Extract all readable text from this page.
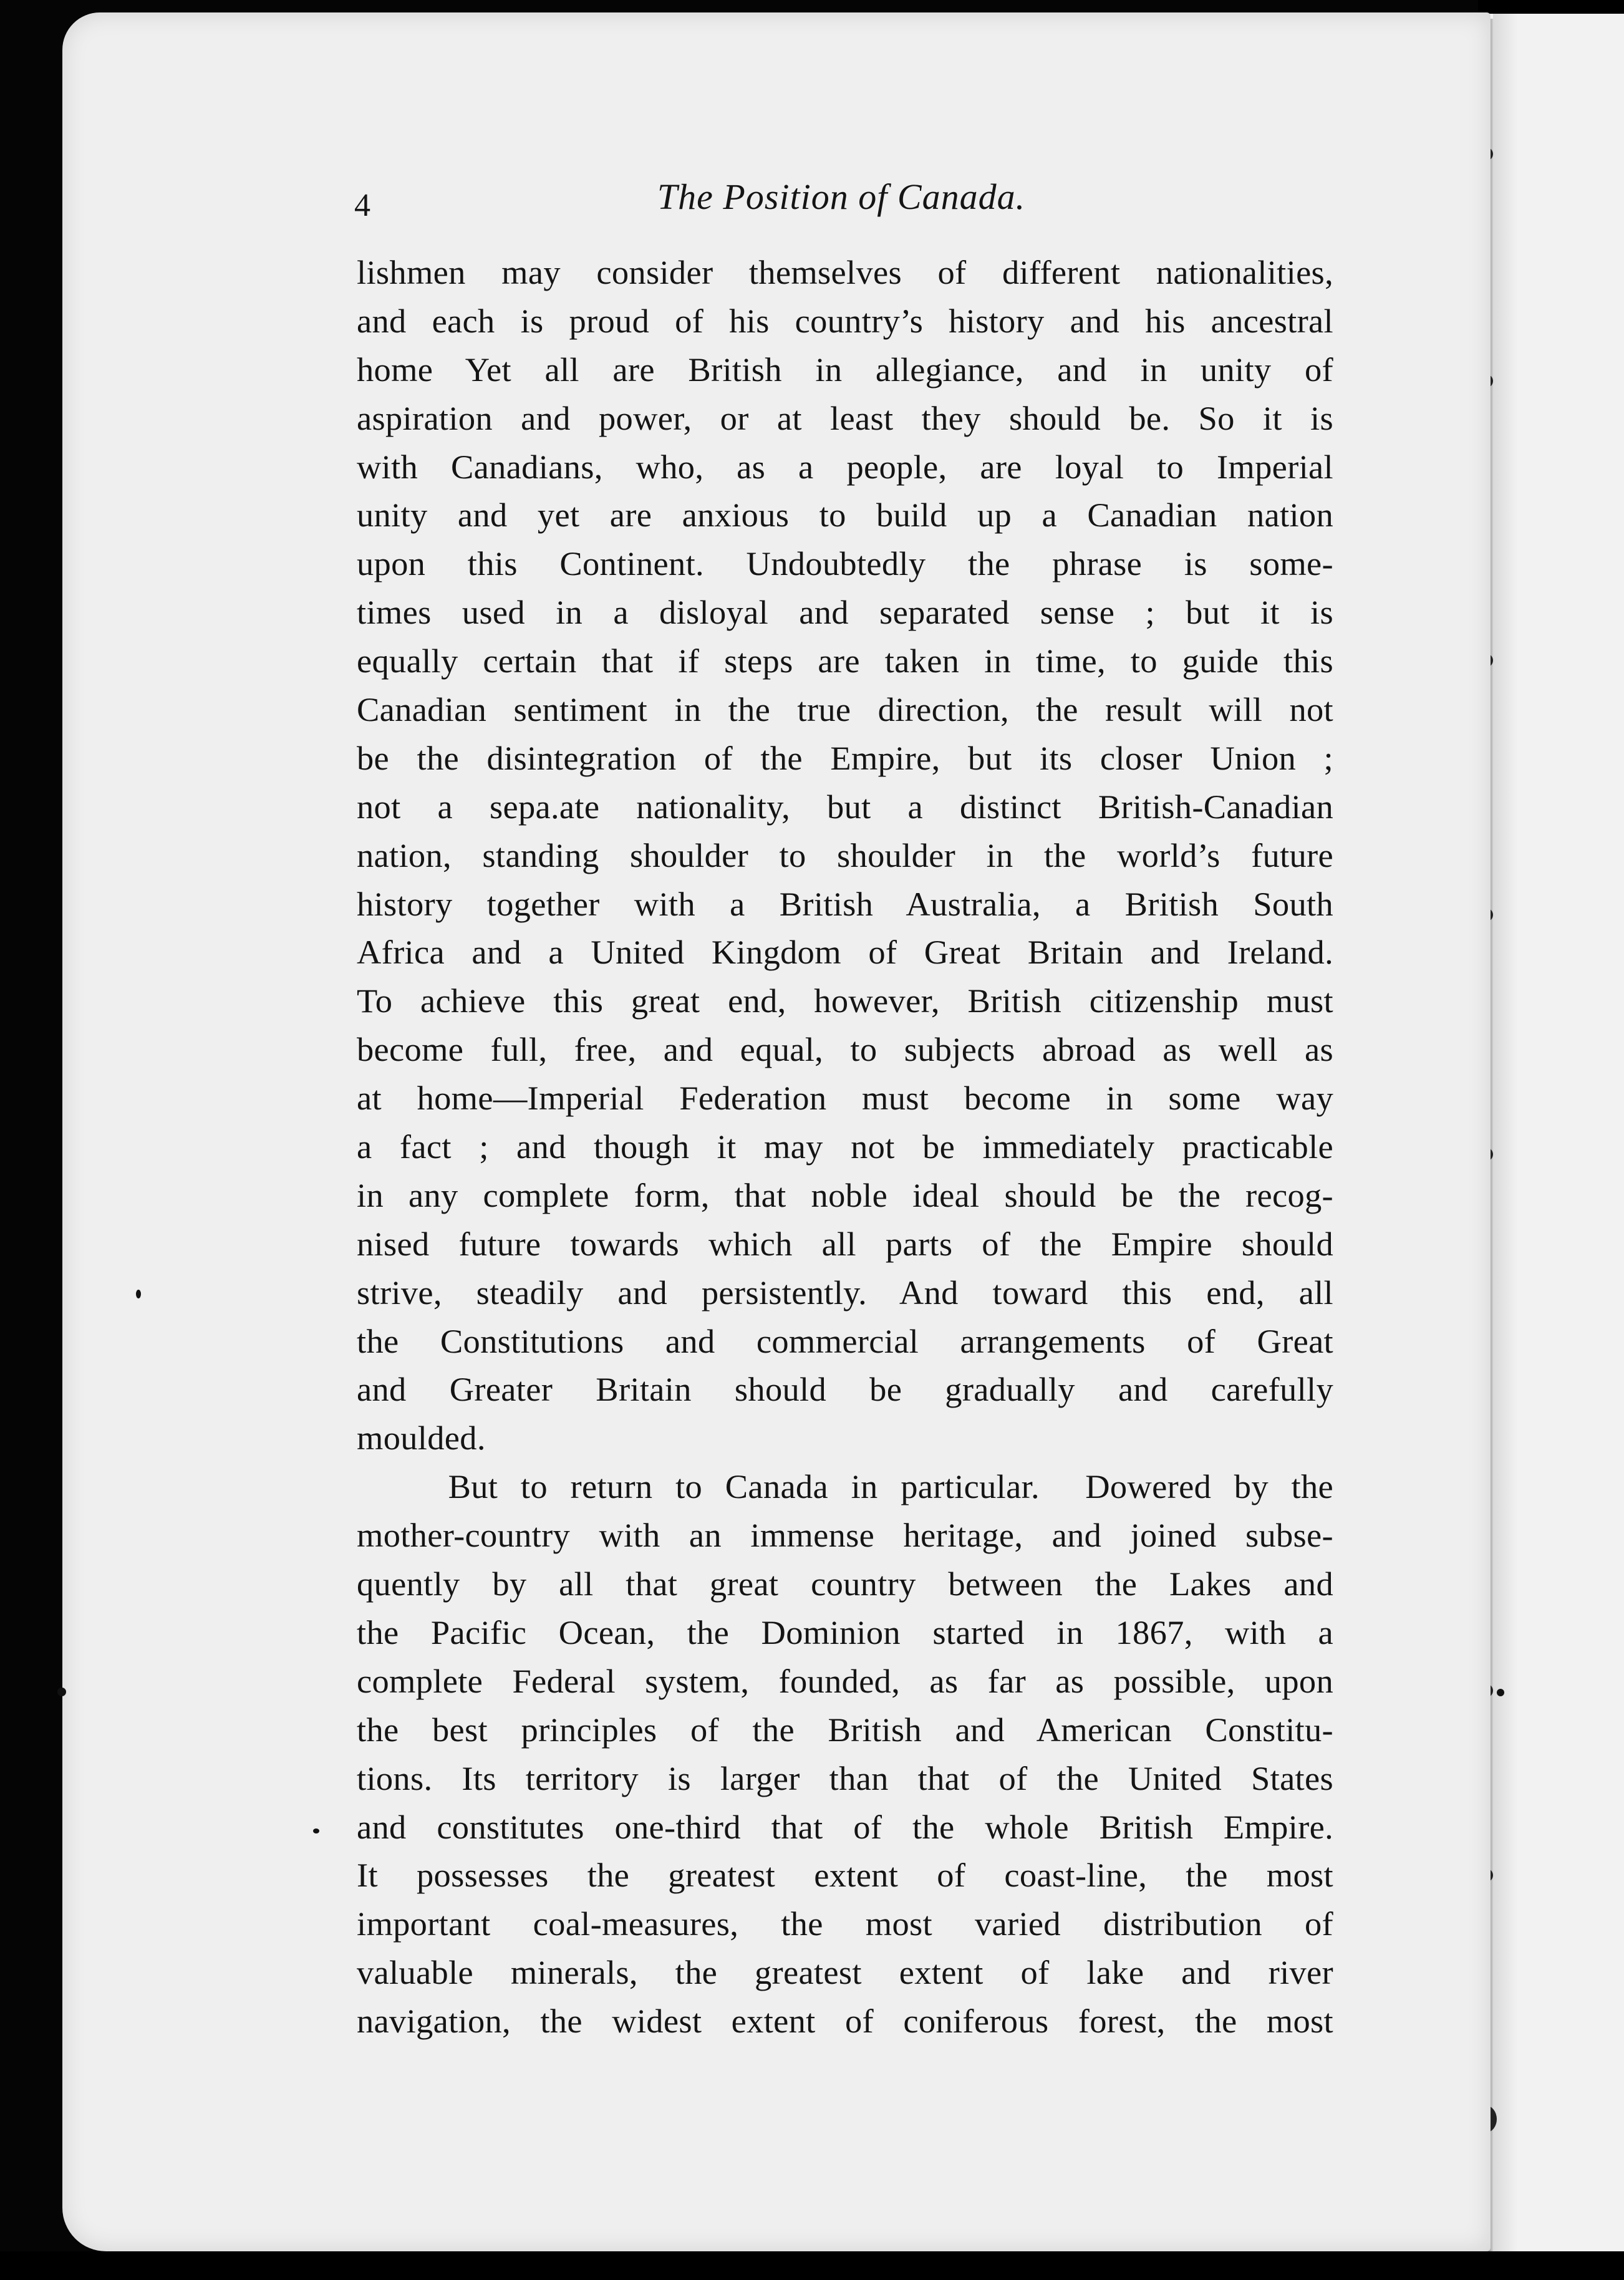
4	The Position of Canada.
lishmen may consider themselves of different nationalities,
and each is proud of his country’s history and his ancestral
home Yet all are British in allegiance, and in unity of
aspiration and power, or at least they should be. So it is
with Canadians, who, as a people, are loyal to Imperial
unity and yet are anxious to build up a Canadian nation
upon this Continent. Undoubtedly the phrase is some-
times used in a disloyal and separated sense ; but it is
equally certain that if steps are taken in time, to guide this
Canadian sentiment in the true direction, the result will not
be the disintegration of the Empire, but its closer Union ;
not a sepa.ate nationality, but a distinct British-Canadian
nation, standing shoulder to shoulder in the world’s future
history together with a British Australia, a British South
Africa and a United Kingdom of Great Britain and Ireland.
To achieve this great end, however, British citizenship must
become full, free, and equal, to subjects abroad as well as
at home—Imperial Federation must become in some way
a fact ; and though it may not be immediately practicable
in any complete form, that noble ideal should be the recog-
nised future towards which all parts of the Empire should
strive, steadily and persistently. And toward this end, all
the Constitutions and commercial arrangements of Great
and Greater Britain should be gradually and carefully
moulded.
But to return to Canada in particular.  Dowered by the
mother-country with an immense heritage, and joined subse-
quently by all that great country between the Lakes and
the Pacific Ocean, the Dominion started in 1867, with a
complete Federal system, founded, as far as possible, upon
the best principles of the British and American Constitu-
tions. Its territory is larger than that of the United States
and constitutes one-third that of the whole British Empire.
It possesses the greatest extent of coast-line, the most
important coal-measures, the most varied distribution of
valuable minerals, the greatest extent of lake and river
navigation, the widest extent of coniferous forest, the most
